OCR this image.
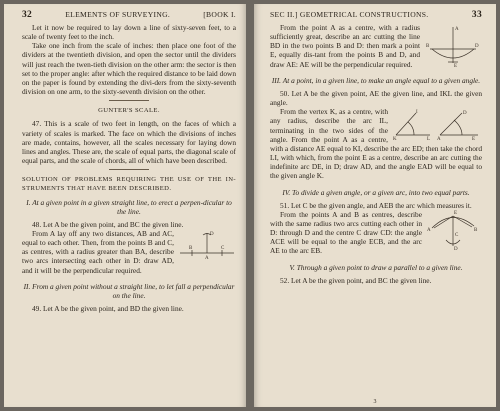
32	ELEMENTS OF SURVEYING.	[BOOK I.

Let it now be required to lay down a line of sixty-seven feet, to a scale of twenty feet to the inch.

Take one inch from the scale of inches: then place one foot of the dividers at the twentieth division, and open the sector until the dividers will just reach the twen-tieth division on the other arm: the sector is then set to the proper angle: after which the required distance to be laid down on the paper is found by extending the divi-ders from the sixty-seventh division on one arm, to the sixty-seventh division on the other.

GUNTER'S SCALE.

47. This is a scale of two feet in length, on the faces of which a variety of scales is marked. The face on which the divisions of inches are made, contains, however, all the scales necessary for laying down lines and angles. These are, the scale of equal parts, the diagonal scale of equal parts, and the scale of chords, all of which have been described.

SOLUTION OF PROBLEMS REQUIRING THE USE OF THE IN-STRUMENTS THAT HAVE BEEN DESCRIBED.

I. At a given point in a given straight line, to erect a perpen-dicular to the line.

48. Let A be the given point, and BC the given line.

D
B
A
C

From A lay off any two distances, AB and AC, equal to each other. Then, from the points B and C, as centres, with a radius greater than BA, describe two arcs intersecting each other in D: draw AD, and it will be the perpendicular required.

II. From a given point without a straight line, to let fall a perpendicular on the line.

49. Let A be the given point, and BD the given line.

SEC II.] GEOMETRICAL CONSTRUCTIONS.	33
A
B
E
D

From the point A as a centre, with a radius sufficiently great, describe an arc cutting the line BD in the two points B and D: then mark a point E, equally dis-tant from the points B and D, and draw AE: AE will be the perpendicular required.

III. At a point, in a given line, to make an angle equal to a given angle.

50. Let A be the given point, AE the given line, and IKL the given angle.

K	L
I
A	E
D

From the vertex K, as a centre, with any radius, describe the arc IL, terminating in the two sides of the angle. From the point A as a centre, with a distance AE equal to KI, describe the arc ED; then take the chord LI, with which, from the point E as a centre, describe an arc cutting the indefinite arc DE, in D; draw AD, and the angle EAD will be equal to the given angle K.

IV. To divide a given angle, or a given arc, into two equal parts.

51. Let C be the given angle, and AEB the arc which measures it.

A
E
B
C
D

From the points A and B as centres, describe with the same radius two arcs cutting each other in D: through D and the centre C draw CD: the angle ACE will be equal to the angle ECB, and the arc AE to the arc EB.

V. Through a given point to draw a parallel to a given line.

52. Let A be the given point, and BC the given line.

3
